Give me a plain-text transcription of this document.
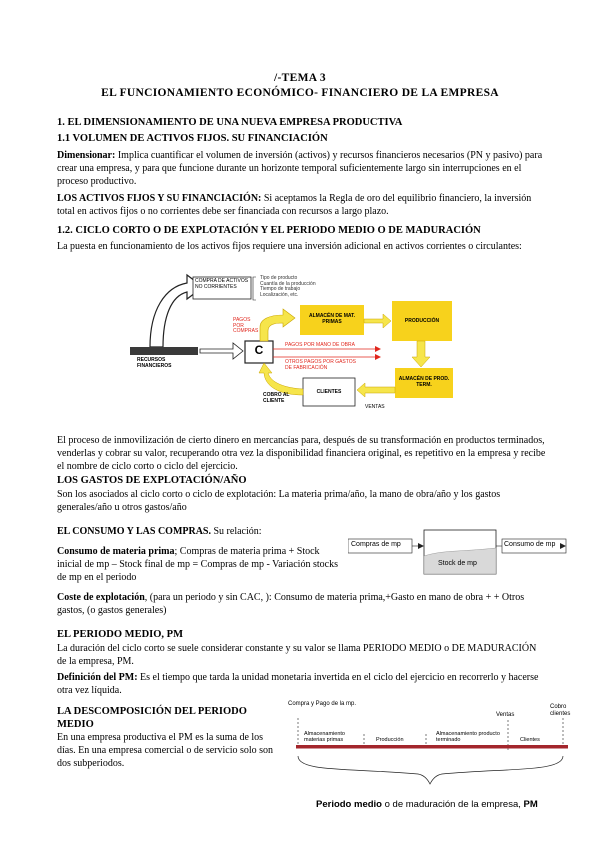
/-TEMA 3
EL FUNCIONAMIENTO ECONÓMICO- FINANCIERO DE LA EMPRESA
1. EL DIMENSIONAMIENTO DE UNA NUEVA EMPRESA PRODUCTIVA
1.1 VOLUMEN DE ACTIVOS FIJOS. SU FINANCIACIÓN
Dimensionar: Implica cuantificar el volumen de inversión (activos) y recursos financieros necesarios (PN y pasivo) para crear una empresa, y para que funcione durante un horizonte temporal suficientemente largo sin interrupciones en el proceso productivo.
LOS ACTIVOS FIJOS Y SU FINANCIACIÓN: Si aceptamos la Regla de oro del equilibrio financiero, la inversión total en activos fijos o no corrientes debe ser financiada con recursos a largo plazo.
1.2. CICLO CORTO O DE EXPLOTACIÓN Y EL PERIODO MEDIO O DE MADURACIÓN
La puesta en funcionamiento de los activos fijos requiere una inversión adicional en activos corrientes o circulantes:
COMPRA DE ACTIVOS NO CORRIENTES
Tipo de producto
Cuantía de la producción
Tiempo de trabajo
Localización, etc.
RECURSOS FINANCIEROS
C
PAGOS POR COMPRAS
ALMACÉN DE MAT. PRIMAS	PRODUCCIÓN
PAGOS POR MANO DE OBRA
OTROS PAGOS POR GASTOS DE FABRICACIÓN
COBRO AL CLIENTE
CLIENTES
VENTAS
ALMACÉN DE PROD. TERM.
El proceso de inmovilización de cierto dinero en mercancías para, después de su transformación en productos terminados, venderlas y cobrar su valor, recuperando otra vez la disponibilidad financiera original, es repetitivo en la empresa y recibe el nombre de ciclo corto o ciclo del ejercicio.
LOS GASTOS DE EXPLOTACIÓN/AÑO
Son los asociados al ciclo corto o ciclo de explotación: La materia prima/año, la mano de obra/año y los gastos generales/año u otros gastos/año
EL CONSUMO Y LAS COMPRAS. Su relación:
Consumo de materia prima; Compras de materia prima + Stock inicial de mp – Stock final de mp = Compras de mp - Variación stocks de mp en el periodo
Compras de mp
Stock de mp
Consumo de mp
Coste de explotación, (para un periodo y sin CAC, ): Consumo de materia prima,+Gasto en mano de obra + + Otros gastos, (o gastos generales)
EL PERIODO MEDIO, PM
La duración del ciclo corto se suele considerar constante y su valor se llama PERIODO MEDIO o DE MADURACIÓN de la empresa, PM.
Definición del PM: Es el tiempo que tarda la unidad monetaria invertida en el ciclo del ejercicio en recorrerlo y hacerse otra vez líquida.
LA DESCOMPOSICIÓN DEL PERIODO MEDIO
En una empresa productiva el PM es la suma de los días. En una empresa comercial o de servicio solo son dos subperiodos.
Compra y Pago de la mp.
Ventas
Cobro clientes
Almacenamiento materias primas	Producción
Almacenamiento producto terminado	Clientes
Periodo medio o de maduración de la empresa, PM
